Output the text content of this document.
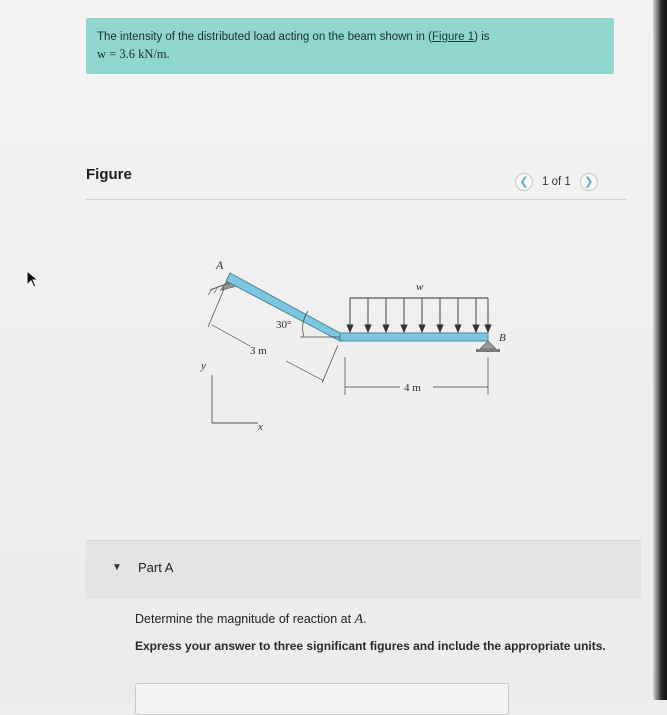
The intensity of the distributed load acting on the beam shown in (Figure 1) is
w = 3.6 kN/m.
Figure	❮	1 of 1	❯
A
B
w
30°
3 m
4 m
y
x
▼ Part A
Determine the magnitude of reaction at A.
Express your answer to three significant figures and include the appropriate units.
